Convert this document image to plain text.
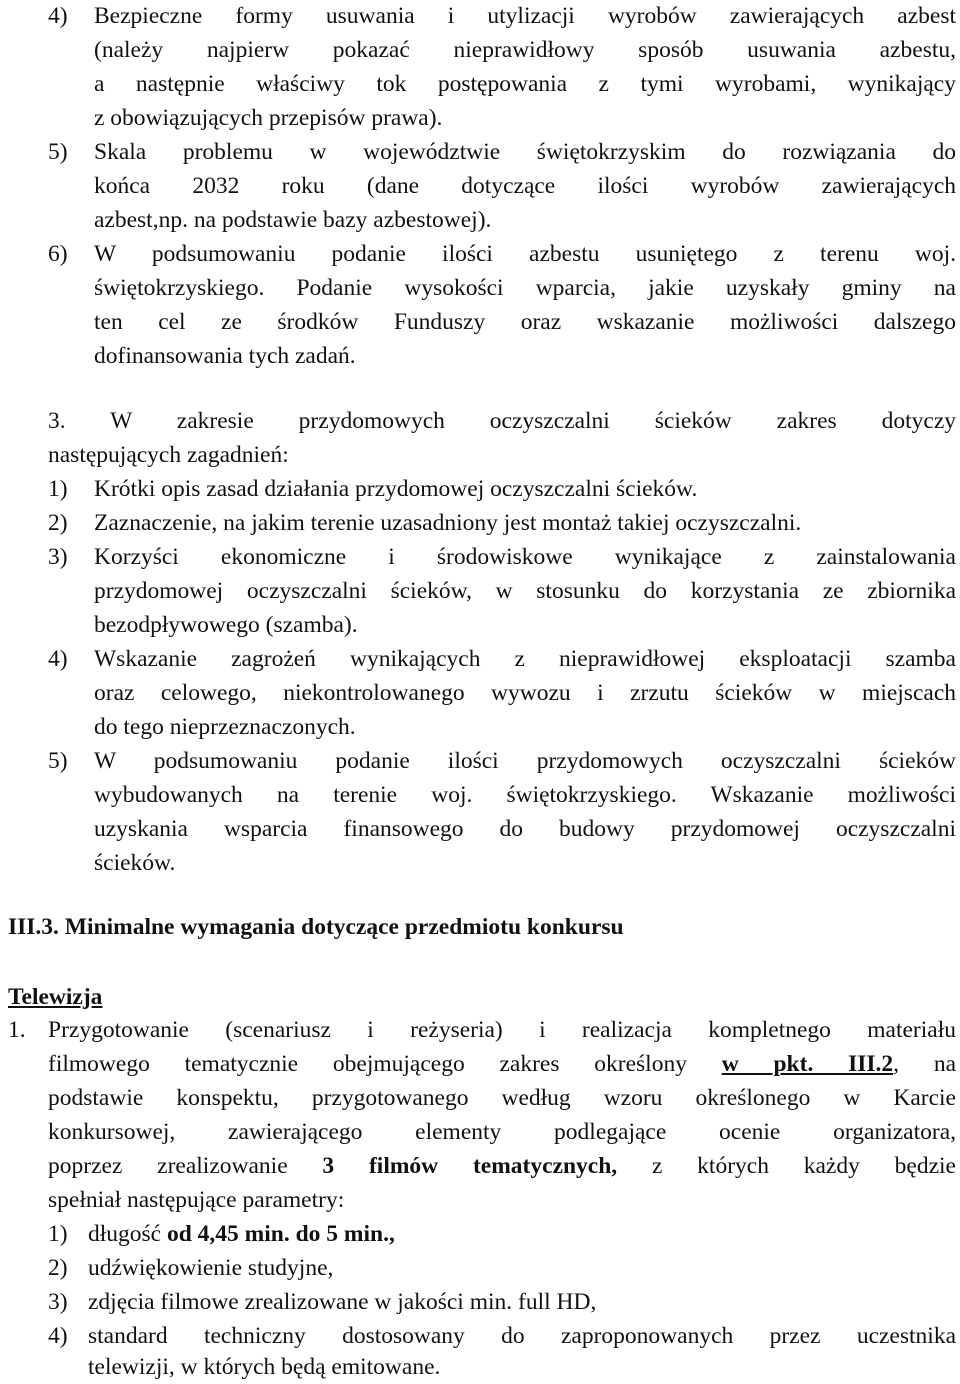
4) Bezpieczne formy usuwania i utylizacji wyrobów zawierających azbest
(należy najpierw pokazać nieprawidłowy sposób usuwania azbestu,
a następnie właściwy tok postępowania z tymi wyrobami, wynikający
z obowiązujących przepisów prawa).
5) Skala problemu w województwie świętokrzyskim do rozwiązania do
końca 2032 roku (dane dotyczące ilości wyrobów zawierających
azbest,np. na podstawie bazy azbestowej).
6) W podsumowaniu podanie ilości azbestu usuniętego z terenu woj.
świętokrzyskiego. Podanie wysokości wparcia, jakie uzyskały gminy na
ten cel ze środków Funduszy oraz wskazanie możliwości dalszego
dofinansowania tych zadań.
3. W zakresie przydomowych oczyszczalni ścieków zakres dotyczy
następujących zagadnień:
1) Krótki opis zasad działania przydomowej oczyszczalni ścieków.
2) Zaznaczenie, na jakim terenie uzasadniony jest montaż takiej oczyszczalni.
3) Korzyści ekonomiczne i środowiskowe wynikające z zainstalowania
przydomowej oczyszczalni ścieków, w stosunku do korzystania ze zbiornika
bezodpływowego (szamba).
4) Wskazanie zagrożeń wynikających z nieprawidłowej eksploatacji szamba
oraz celowego, niekontrolowanego wywozu i zrzutu ścieków w miejscach
do tego nieprzeznaczonych.
5) W podsumowaniu podanie ilości przydomowych oczyszczalni ścieków
wybudowanych na terenie woj. świętokrzyskiego. Wskazanie możliwości
uzyskania wsparcia finansowego do budowy przydomowej oczyszczalni
ścieków.
III.3. Minimalne wymagania dotyczące przedmiotu konkursu
Telewizja
1. Przygotowanie (scenariusz i reżyseria) i realizacja kompletnego materiału
filmowego tematycznie obejmującego zakres określony w pkt. III.2, na
podstawie konspektu, przygotowanego według wzoru określonego w Karcie
konkursowej, zawierającego elementy podlegające ocenie organizatora,
poprzez zrealizowanie 3 filmów tematycznych, z których każdy będzie
spełniał następujące parametry:
1) długość od 4,45 min. do 5 min.,
2) udźwiękowienie studyjne,
3) zdjęcia filmowe zrealizowane w jakości min. full HD,
4) standard techniczny dostosowany do zaproponowanych przez uczestnika
telewizji, w których będą emitowane.
